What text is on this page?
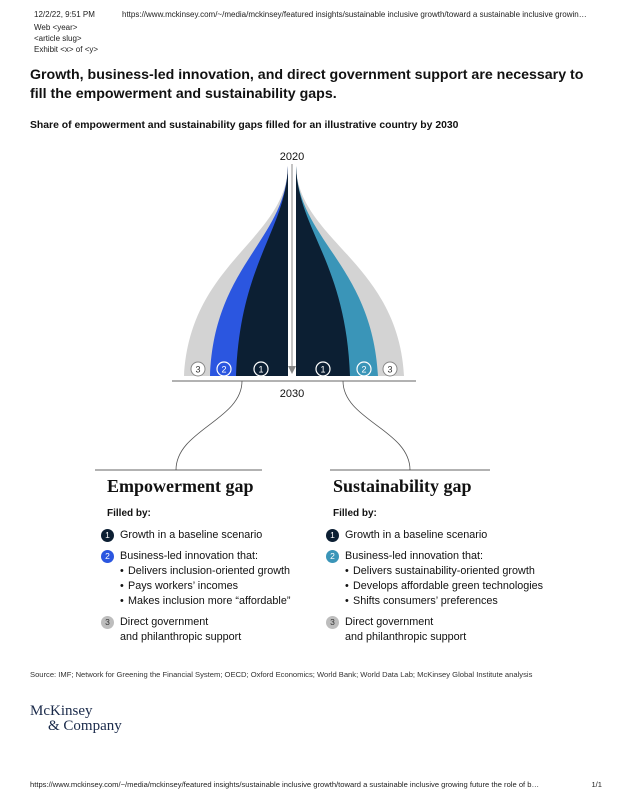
12/2/22, 9:51 PM	https://www.mckinsey.com/~/media/mckinsey/featured insights/sustainable inclusive growth/toward a sustainable inclusive growin…
Web <year>
<article slug>
Exhibit <x> of <y>
Growth, business-led innovation, and direct government support are necessary to fill the empowerment and sustainability gaps.
Share of empowerment and sustainability gaps filled for an illustrative country by 2030
2020
2030
3 2	1	1	2 3
Empowerment gap
Filled by:
1 Growth in a baseline scenario
2 Business-led innovation that:
• Delivers inclusion-oriented growth
• Pays workers’ incomes
• Makes inclusion more “affordable”
3 Direct government
and philanthropic support
Sustainability gap
Filled by:
1 Growth in a baseline scenario
2 Business-led innovation that:
• Delivers sustainability-oriented growth
• Develops affordable green technologies
• Shifts consumers’ preferences
3 Direct government
and philanthropic support
Source: IMF; Network for Greening the Financial System; OECD; Oxford Economics; World Bank; World Data Lab; McKinsey Global Institute analysis
McKinsey
& Company
https://www.mckinsey.com/~/media/mckinsey/featured insights/sustainable inclusive growth/toward a sustainable inclusive growing future the role of b…	1/1
